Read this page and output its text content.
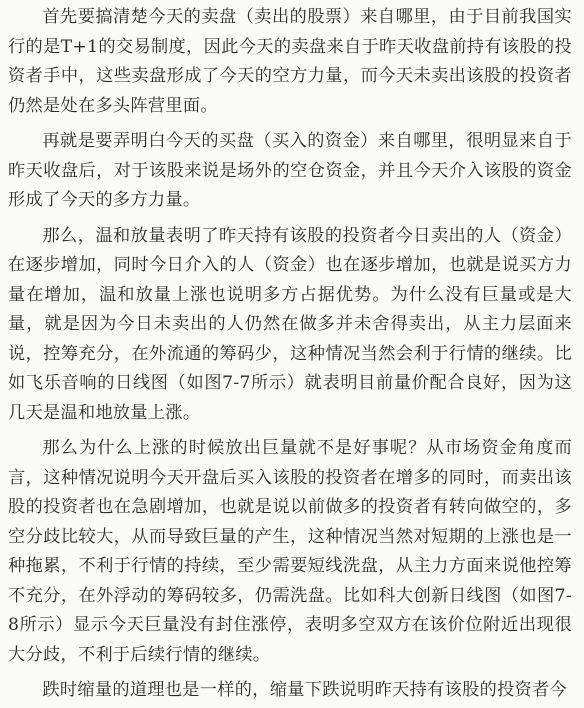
首先要搞清楚今天的卖盘（卖出的股票）来自哪里，由于目前我国实行的是T+1的交易制度，因此今天的卖盘来自于昨天收盘前持有该股的投资者手中，这些卖盘形成了今天的空方力量，而今天未卖出该股的投资者仍然是处在多头阵营里面。

再就是要弄明白今天的买盘（买入的资金）来自哪里，很明显来自于昨天收盘后，对于该股来说是场外的空仓资金，并且今天介入该股的资金形成了今天的多方力量。

那么，温和放量表明了昨天持有该股的投资者今日卖出的人（资金）在逐步增加，同时今日介入的人（资金）也在逐步增加，也就是说买方力量在增加，温和放量上涨也说明多方占据优势。为什么没有巨量或是大量，就是因为今日未卖出的人仍然在做多并未舍得卖出，从主力层面来说，控筹充分，在外流通的筹码少，这种情况当然会利于行情的继续。比如飞乐音响的日线图（如图7-7所示）就表明目前量价配合良好，因为这几天是温和地放量上涨。

那么为什么上涨的时候放出巨量就不是好事呢？从市场资金角度而言，这种情况说明今天开盘后买入该股的投资者在增多的同时，而卖出该股的投资者也在急剧增加，也就是说以前做多的投资者有转向做空的，多空分歧比较大，从而导致巨量的产生，这种情况当然对短期的上涨也是一种拖累，不利于行情的持续，至少需要短线洗盘，从主力方面来说他控筹不充分，在外浮动的筹码较多，仍需洗盘。比如科大创新日线图（如图7-8所示）显示今天巨量没有封住涨停，表明多空双方在该价位附近出现很大分歧，不利于后续行情的继续。

跌时缩量的道理也是一样的，缩量下跌说明昨天持有该股的投资者今
